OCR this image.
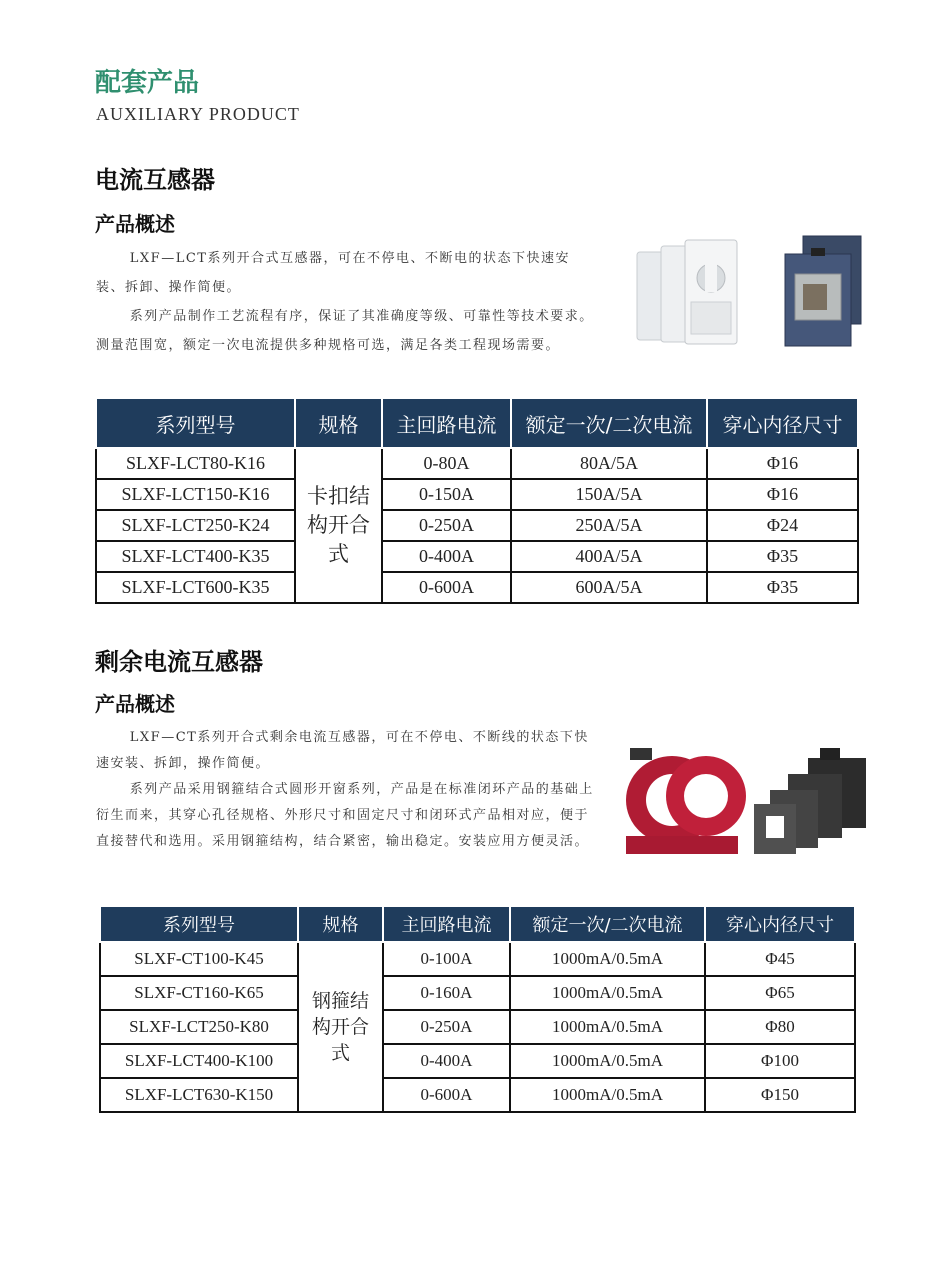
配套产品
AUXILIARY PRODUCT
电流互感器
产品概述

LXF—LCT系列开合式互感器，可在不停电、不断电的状态下快速安装、拆卸、操作简便。

系列产品制作工艺流程有序，保证了其准确度等级、可靠性等技术要求。测量范围宽，额定一次电流提供多种规格可选，满足各类工程现场需要。

系列型号	规格	主回路电流	额定一次/二次电流	穿心内径尺寸
SLXF-LCT80-K16	卡扣结构开合式	0-80A	80A/5A	Φ16
SLXF-LCT150-K16		0-150A	150A/5A	Φ16
SLXF-LCT250-K24		0-250A	250A/5A	Φ24
SLXF-LCT400-K35		0-400A	400A/5A	Φ35
SLXF-LCT600-K35		0-600A	600A/5A	Φ35
剩余电流互感器
产品概述

LXF—CT系列开合式剩余电流互感器，可在不停电、不断线的状态下快速安装、拆卸，操作简便。

系列产品采用钢箍结合式圆形开窗系列，产品是在标准闭环产品的基础上衍生而来，其穿心孔径规格、外形尺寸和固定尺寸和闭环式产品相对应，便于直接替代和选用。采用钢箍结构，结合紧密，输出稳定。安装应用方便灵活。

系列型号	规格	主回路电流	额定一次/二次电流	穿心内径尺寸
SLXF-CT100-K45	钢箍结构开合式	0-100A	1000mA/0.5mA	Φ45
SLXF-CT160-K65		0-160A	1000mA/0.5mA	Φ65
SLXF-LCT250-K80		0-250A	1000mA/0.5mA	Φ80
SLXF-LCT400-K100		0-400A	1000mA/0.5mA	Φ100
SLXF-LCT630-K150		0-600A	1000mA/0.5mA	Φ150
